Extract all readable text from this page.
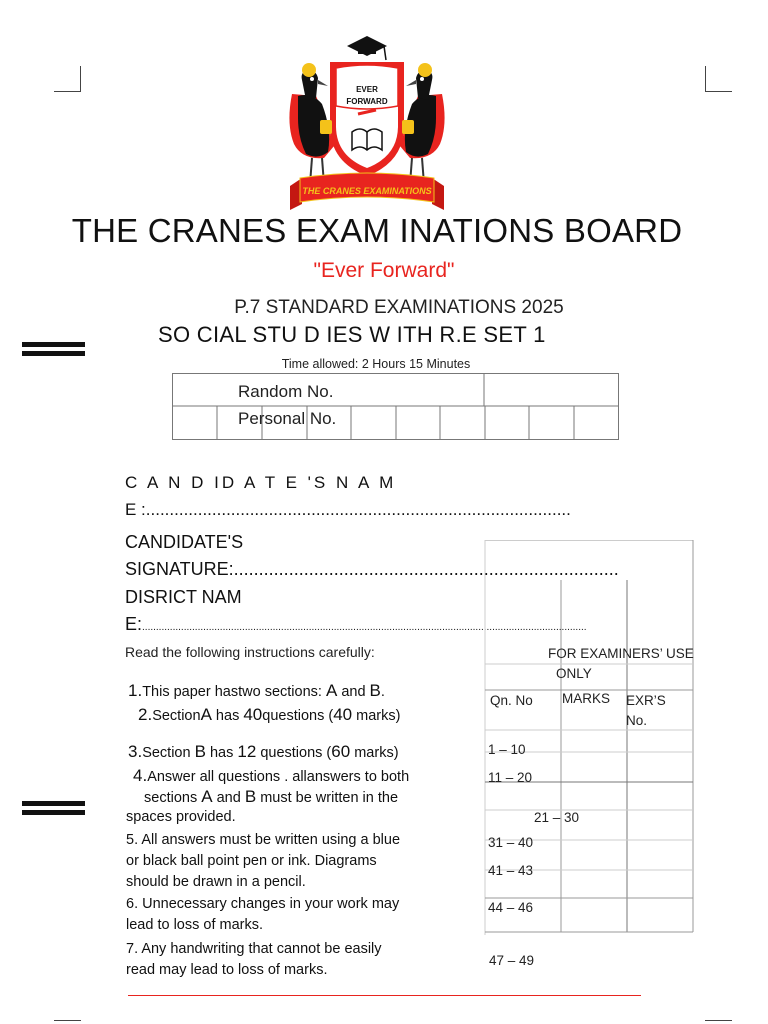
EVER
FORWARD
THE CRANES EXAMINATIONS
THE CRANES EXAM INATIONS BOARD
"Ever Forward"
P.7 STANDARD EXAMINATIONS 2025
SO CIAL STU D IES W ITH R.E SET 1
Time allowed: 2 Hours 15 Minutes
Random No.
Personal No.
C A N D ID A T E 'S N A M
E :..........................................................................................
CANDIDATE'S
SIGNATURE:.............................................................................
DISRICT NAM
E:................................................................................................................................................................
Read the following instructions carefully:
1.This paper hastwo sections: A and B.
2.SectionA has 40questions (40 marks)
3.Section B has 12 questions (60 marks)
4.Answer all questions . allanswers to both
sections A and B must be written in the
spaces provided.
5. All answers must be written using a blue
or black ball point pen or ink. Diagrams
should be drawn in a pencil.
6. Unnecessary changes in your work may
lead to loss of marks.
7. Any handwriting that cannot be easily
read may lead to loss of marks.
FOR EXAMINERS’ USE
ONLY
Qn. No MARKS EXR’S
No.
1 – 10
11 – 20
21 – 30
31 – 40
41 – 43
44 – 46
47 – 49
